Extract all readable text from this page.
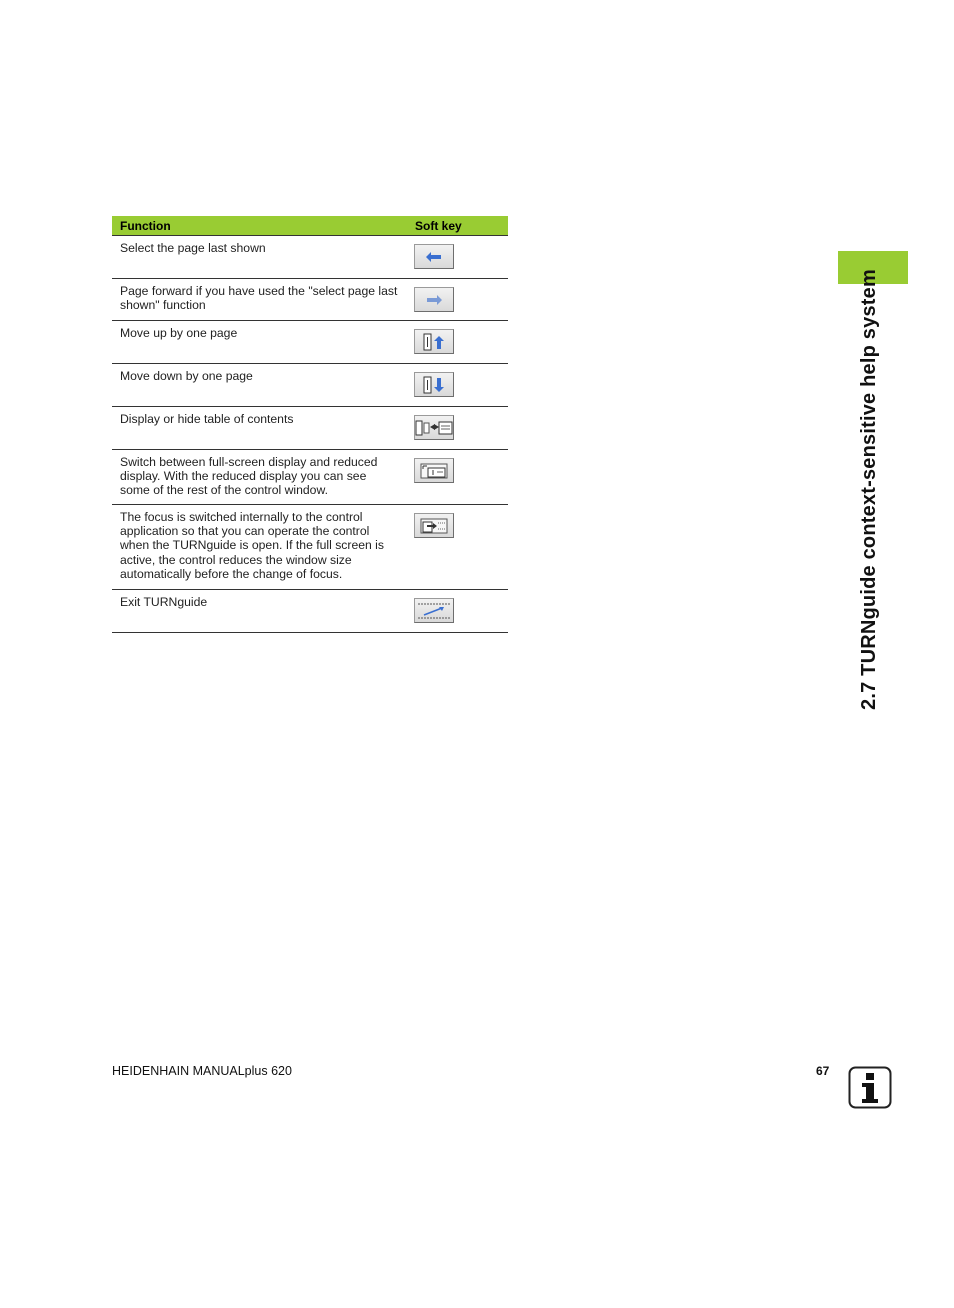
2.7 TURNguide context-sensitive help system
Function	Soft key
Select the page last shown
Page forward if you have used the "select page last shown" function
Move up by one page
Move down by one page
Display or hide table of contents
Switch between full-screen display and reduced display. With the reduced display you can see some of the rest of the control window.
The focus is switched internally to the control application so that you can operate the control when the TURNguide is open. If the full screen is active, the control reduces the window size automatically before the change of focus.
Exit TURNguide
HEIDENHAIN MANUALplus 620	67
